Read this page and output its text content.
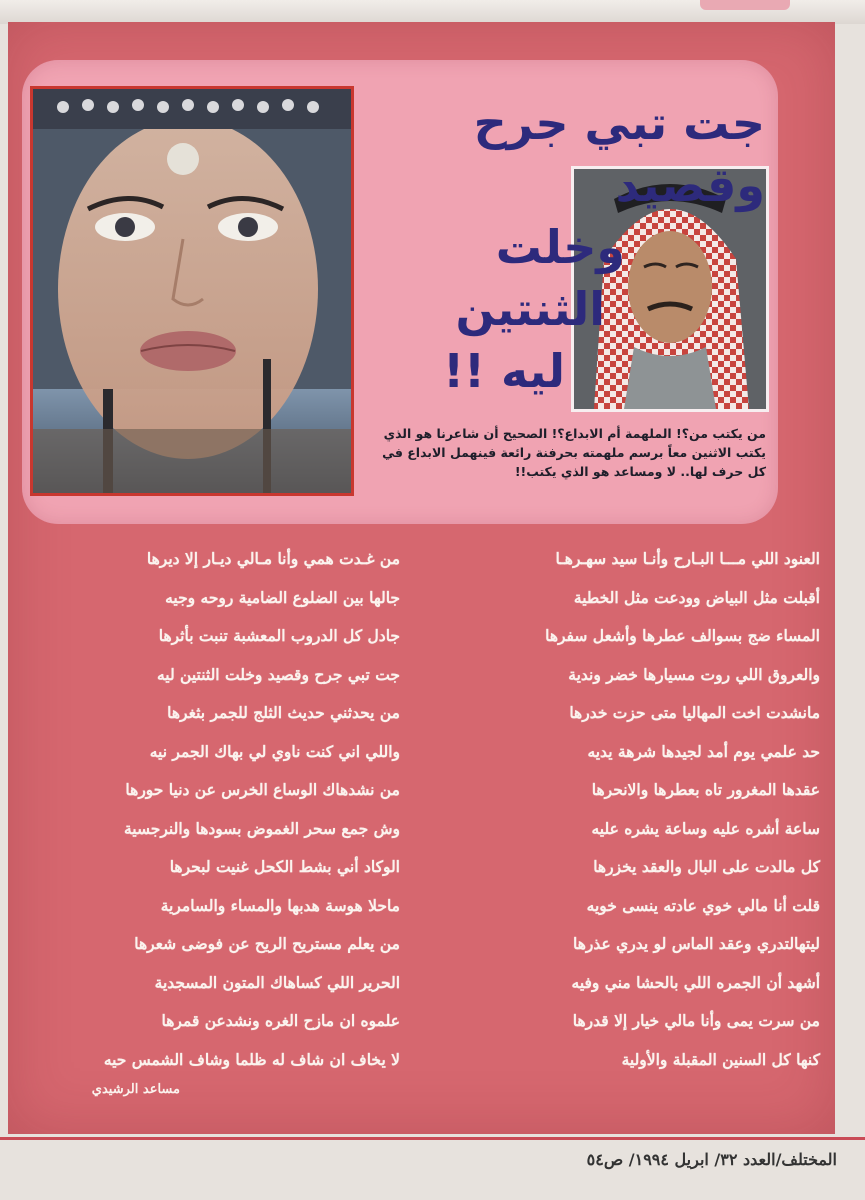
جت تبي جرح وقصيد
وخلت
الثنتين
ليه !!
من يكتب من؟! الملهمة أم الابداع؟! الصحيح أن شاعرنا هو الذي يكتب الاثنين معاً برسم ملهمته بحرفنة رائعة فينهمل الابداع في كل حرف لها.. لا ومساعد هو الذي يكتب!!
العنود اللي مـــا البـارح وأنـا سيد سهـرهـا
أقبلت مثل البياض وودعت مثل الخطية
المساء ضج بسوالف عطرها وأشعل سفرها
والعروق اللي روت مسيارها خضر وندية
مانشدت اخت المهاليا متى حزت خدرها
حد علمي يوم أمد لجيدها شرهة يديه
عقدها المغرور تاه بعطرها والانحرها
ساعة أشره عليه وساعة يشره عليه
كل مالدت على البال والعقد يخزرها
قلت أنا مالي خوي عادته ينسى خويه
ليتهالتدري وعقد الماس لو يدري عذرها
أشهد أن الجمره اللي بالحشا مني وفيه
من سرت يمى وأنا مالي خيار إلا قدرها
كنها كل السنين المقبلة والأولية
من غـدت همي وأنا مـالي ديـار إلا ديرها
جالها بين الضلوع الضامية روحه وجيه
جادل كل الدروب المعشبة تنبت بأثرها
جت تبي جرح وقصيد وخلت الثنتين ليه
من يحدثني حديث الثلج للجمر بثغرها
واللي اني كنت ناوي لي بهاك الجمر نيه
من نشدهاك الوساع الخرس عن دنيا حورها
وش جمع سحر الغموض بسودها والنرجسية
الوكاد أني بشط الكحل غنيت لبحرها
ماحلا هوسة هدبها والمساء والسامرية
من يعلم مستريح الريح عن فوضى شعرها
الحرير اللي كساهاك المتون المسجدية
علموه ان مازح الغره ونشدعن قمرها
لا يخاف ان شاف له ظلما وشاف الشمس حيه
مساعد الرشيدي
المختلف/العدد ٣٢/ ابريل ١٩٩٤/ ص٥٤
